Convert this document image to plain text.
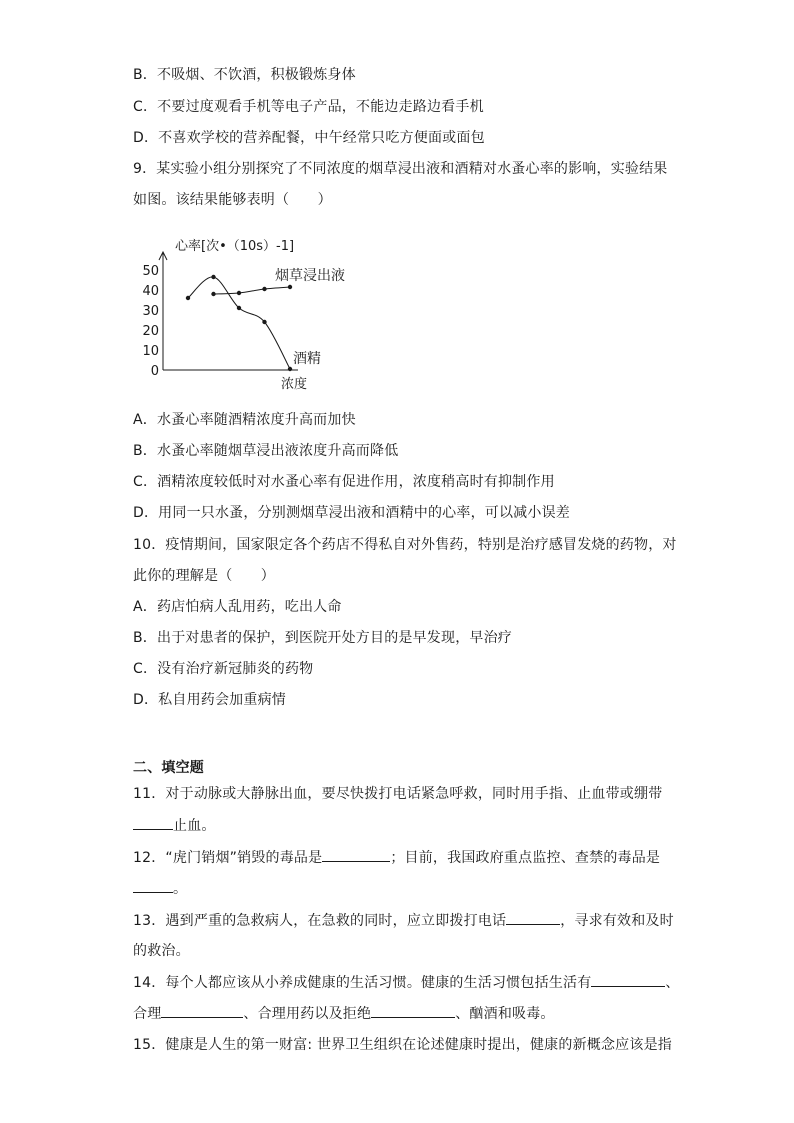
B．不吸烟、不饮酒，积极锻炼身体
C．不要过度观看手机等电子产品，不能边走路边看手机
D．不喜欢学校的营养配餐，中午经常只吃方便面或面包
9．某实验小组分别探究了不同浓度的烟草浸出液和酒精对水蚤心率的影响，实验结果
如图。该结果能够表明（　　）
心率[次•（10s）-1]
浓度
0
10
20
30
40
50	烟草浸出液
酒精
A．水蚤心率随酒精浓度升高而加快
B．水蚤心率随烟草浸出液浓度升高而降低
C．酒精浓度较低时对水蚤心率有促进作用，浓度稍高时有抑制作用
D．用同一只水蚤，分别测烟草浸出液和酒精中的心率，可以减小误差
10．疫情期间，国家限定各个药店不得私自对外售药，特别是治疗感冒发烧的药物，对
此你的理解是（　　）
A．药店怕病人乱用药，吃出人命
B．出于对患者的保护，到医院开处方目的是早发现，早治疗
C．没有治疗新冠肺炎的药物
D．私自用药会加重病情
二、填空题
11．对于动脉或大静脉出血，要尽快拨打电话紧急呼救，同时用手指、止血带或绷带
止血。
12．“虎门销烟”销毁的毒品是	；目前，我国政府重点监控、查禁的毒品是
。
13．遇到严重的急救病人，在急救的同时，应立即拨打电话	，寻求有效和及时
的救治。
14．每个人都应该从小养成健康的生活习惯。健康的生活习惯包括生活有	、
合理	、合理用药以及拒绝	、酗酒和吸毒。
15．健康是人生的第一财富: 世界卫生组织在论述健康时提出，健康的新概念应该是指
